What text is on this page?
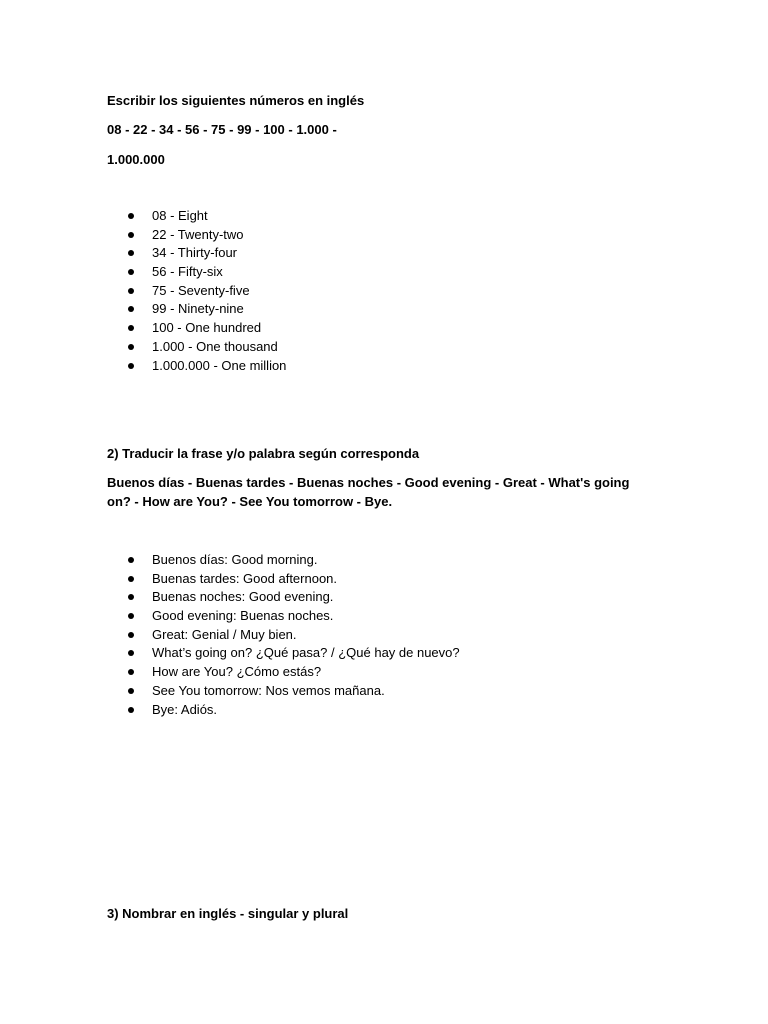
Escribir los siguientes números en inglés

08 - 22 - 34 - 56 - 75 - 99 - 100 - 1.000 -

1.000.000

08 - Eight
22 - Twenty-two
34 - Thirty-four
56 - Fifty-six
75 - Seventy-five
99 - Ninety-nine
100 - One hundred
1.000 - One thousand
1.000.000 - One million

2) Traducir la frase y/o palabra según corresponda

Buenos días - Buenas tardes - Buenas noches - Good evening - Great - What's going on? - How are You? - See You tomorrow - Bye.

Buenos días: Good morning.
Buenas tardes: Good afternoon.
Buenas noches: Good evening.
Good evening: Buenas noches.
Great: Genial / Muy bien.
What’s going on? ¿Qué pasa? / ¿Qué hay de nuevo?
How are You? ¿Cómo estás?
See You tomorrow: Nos vemos mañana.
Bye: Adiós.

3) Nombrar en inglés - singular y plural
